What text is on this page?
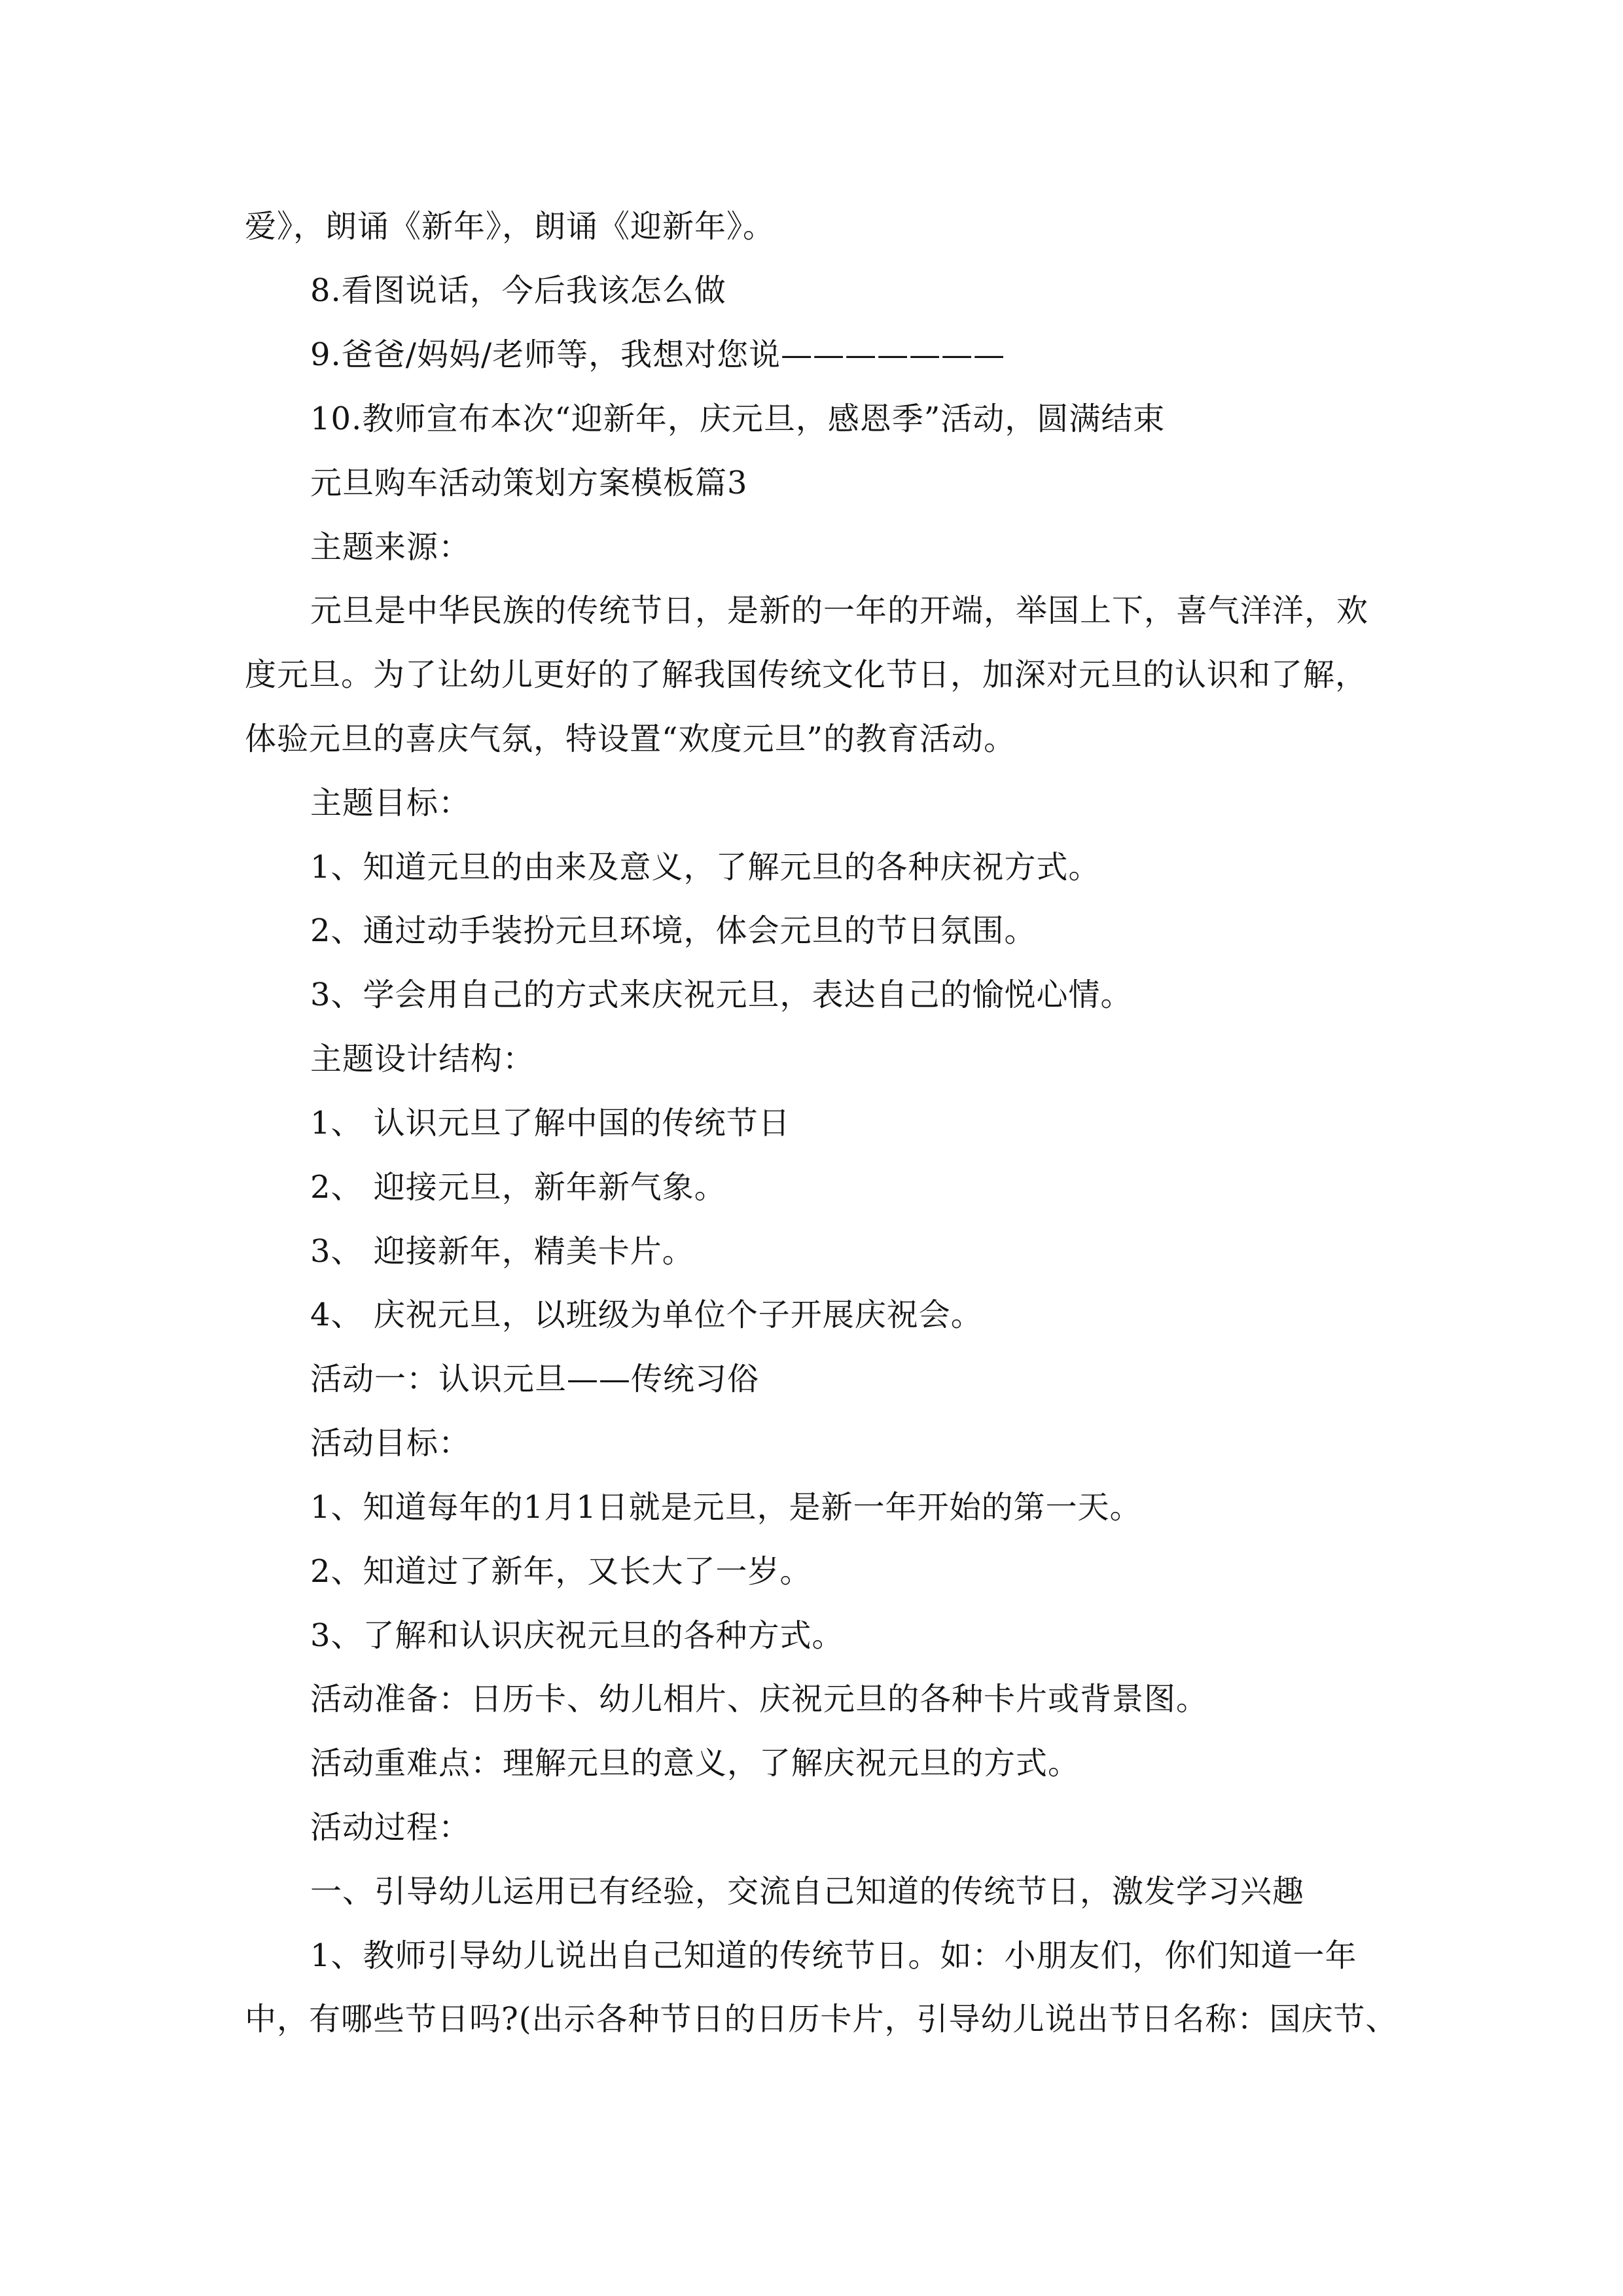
爱》，朗诵《新年》，朗诵《迎新年》。
8.看图说话，今后我该怎么做
9.爸爸/妈妈/老师等，我想对您说———————
10.教师宣布本次“迎新年，庆元旦，感恩季”活动，圆满结束
元旦购车活动策划方案模板篇3
主题来源：
元旦是中华民族的传统节日，是新的一年的开端，举国上下，喜气洋洋，欢
度元旦。为了让幼儿更好的了解我国传统文化节日，加深对元旦的认识和了解，
体验元旦的喜庆气氛，特设置“欢度元旦”的教育活动。
主题目标：
1、知道元旦的由来及意义，了解元旦的各种庆祝方式。
2、通过动手装扮元旦环境，体会元旦的节日氛围。
3、学会用自己的方式来庆祝元旦，表达自己的愉悦心情。
主题设计结构：
1、 认识元旦了解中国的传统节日
2、 迎接元旦，新年新气象。
3、 迎接新年，精美卡片。
4、 庆祝元旦，以班级为单位个子开展庆祝会。
活动一：认识元旦——传统习俗
活动目标：
1、知道每年的1月1日就是元旦，是新一年开始的第一天。
2、知道过了新年，又长大了一岁。
3、了解和认识庆祝元旦的各种方式。
活动准备：日历卡、幼儿相片、庆祝元旦的各种卡片或背景图。
活动重难点：理解元旦的意义，了解庆祝元旦的方式。
活动过程：
一、引导幼儿运用已有经验，交流自己知道的传统节日，激发学习兴趣
1、教师引导幼儿说出自己知道的传统节日。如：小朋友们，你们知道一年
中，有哪些节日吗?(出示各种节日的日历卡片，引导幼儿说出节日名称：国庆节、
